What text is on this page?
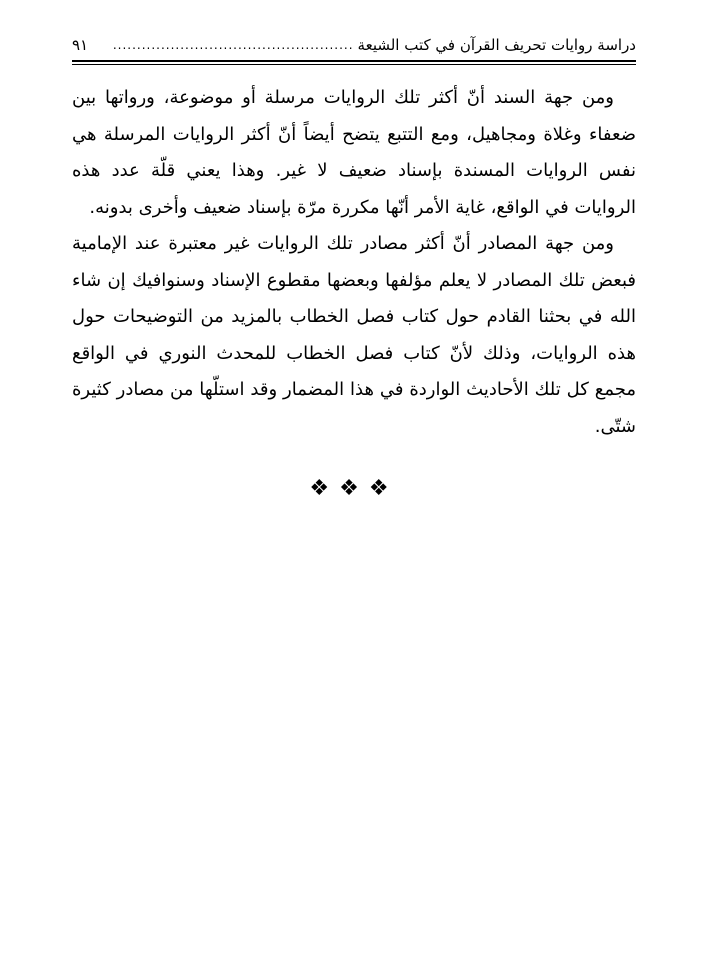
دراسة روايات تحريف القرآن في كتب الشيعة
..................................................
٩١

ومن جهة السند أنّ أكثر تلك الروايات مرسلة أو موضوعة، ورواتها بين ضعفاء وغلاة ومجاهيل، ومع التتبع يتضح أيضاً أنّ أكثر الروايات المرسلة هي نفس الروايات المسندة بإسناد ضعيف لا غير. وهذا يعني قلّة عدد هذه الروايات في الواقع، غاية الأمر أنّها مكررة مرّة بإسناد ضعيف وأخرى بدونه.

ومن جهة المصادر أنّ أكثر مصادر تلك الروايات غير معتبرة عند الإمامية فبعض تلك المصادر لا يعلم مؤلفها وبعضها مقطوع الإسناد وسنوافيك إن شاء الله في بحثنا القادم حول كتاب فصل الخطاب بالمزيد من التوضيحات حول هذه الروايات، وذلك لأنّ كتاب فصل الخطاب للمحدث النوري في الواقع مجمع كل تلك الأحاديث الواردة في هذا المضمار وقد استلّها من مصادر كثيرة شتّى.

❖❖❖
